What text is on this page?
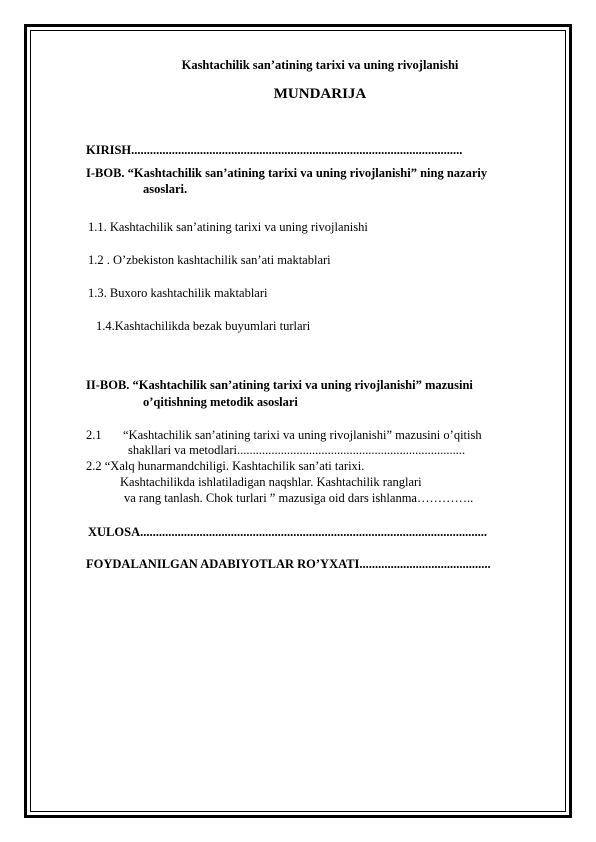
Kashtachilik san’atining tarixi va uning rivojlanishi
MUNDARIJA
KIRISH..........................................................................................................
I-BOB. “Kashtachilik san’atining tarixi va uning rivojlanishi” ning nazariy
asoslari.
1.1. Kashtachilik san’atining tarixi va uning rivojlanishi
1.2 . O’zbekiston kashtachilik san’ati maktablari
1.3. Buxoro kashtachilik maktablari
1.4.Kashtachilikda bezak buyumlari turlari
II-BOB. “Kashtachilik san’atining tarixi va uning rivojlanishi” mazusini
o’qitishning metodik asoslari
2.1 “Kashtachilik san’atining tarixi va uning rivojlanishi” mazusini o’qitish
shakllari va metodlari.........................................................................
2.2 “Xalq hunarmandchiligi. Kashtachilik san’ati tarixi.
Kashtachilikda ishlatiladigan naqshlar. Kashtachilik ranglari
va rang tanlash. Chok turlari ” mazusiga oid dars ishlanma…………..
XULOSA...............................................................................................................
FOYDALANILGAN ADABIYOTLAR RO’YXATI..........................................
